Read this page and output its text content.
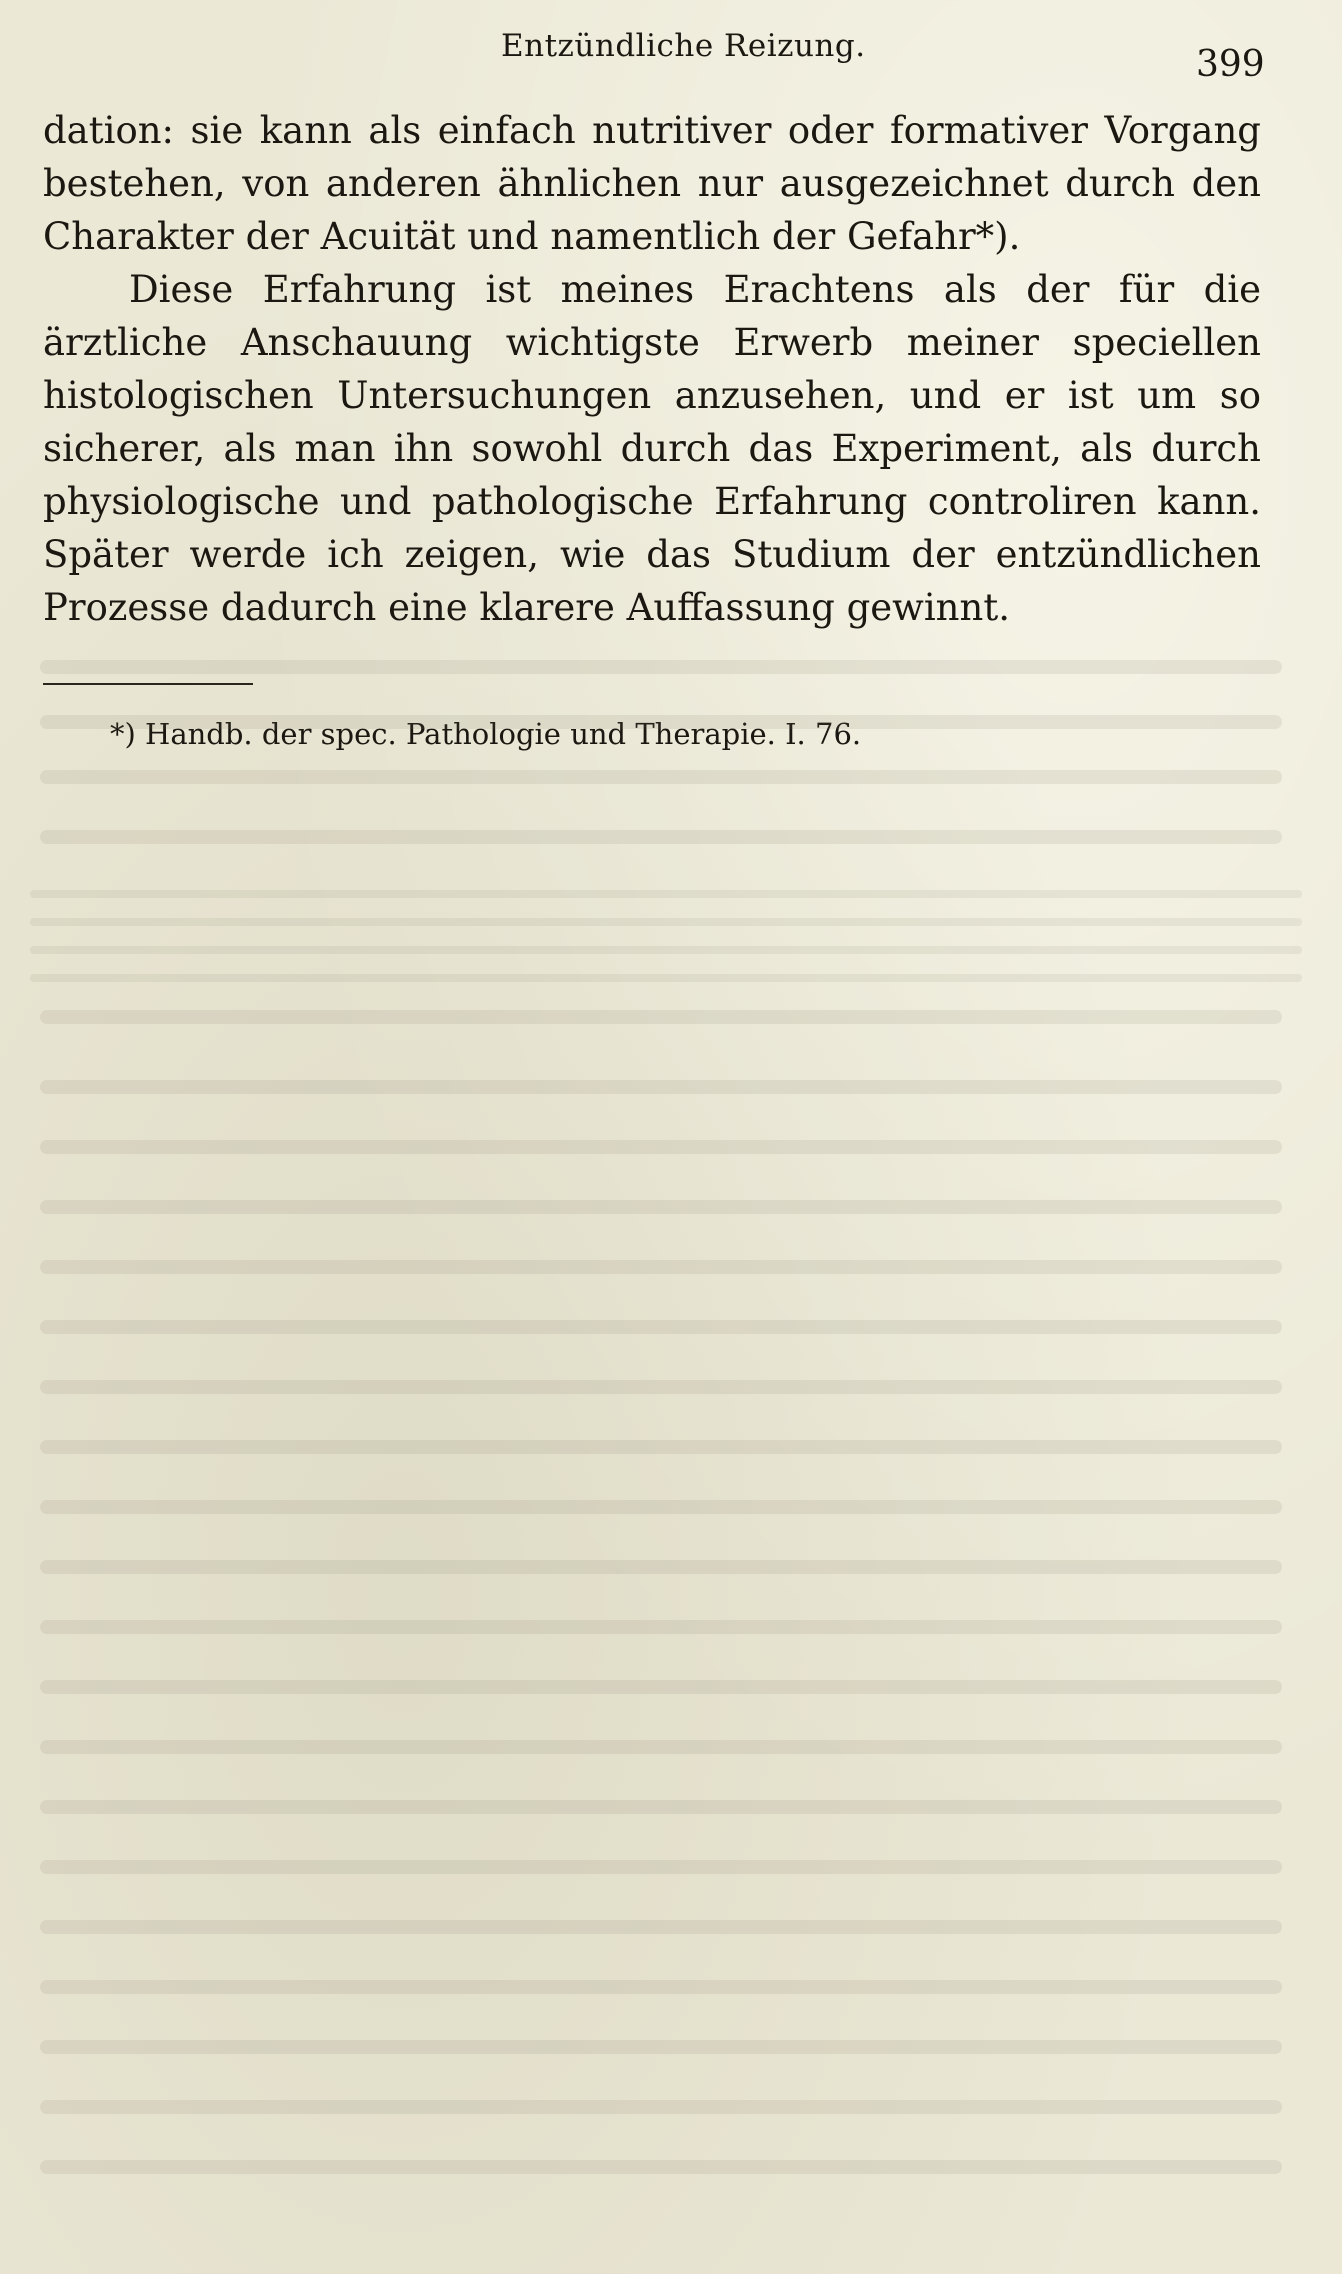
Entzündliche Reizung.	399

dation: sie kann als einfach nutritiver oder formativer Vorgang bestehen, von anderen ähnlichen nur ausgezeichnet durch den Charakter der Acuität und namentlich der Gefahr*).

Diese Erfahrung ist meines Erachtens als der für die ärztliche Anschauung wichtigste Erwerb meiner speciellen histologischen Untersuchungen anzusehen, und er ist um so sicherer, als man ihn sowohl durch das Experiment, als durch physiologische und pathologische Erfahrung controliren kann. Später werde ich zeigen, wie das Studium der entzündlichen Prozesse dadurch eine klarere Auffassung gewinnt.

*) Handb. der spec. Pathologie und Therapie. I. 76.
